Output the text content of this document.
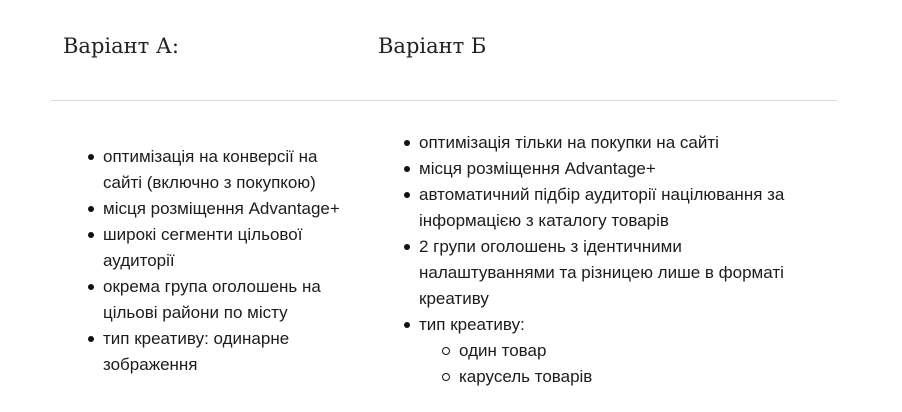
Варіант А:	Варіант Б
оптимізація на конверсії на сайті (включно з покупкою)
місця розміщення Advantage+
широкі сегменти цільової аудиторії
окрема група оголошень на цільові райони по місту
тип креативу: одинарне зображення
оптимізація тільки на покупки на сайті
місця розміщення Advantage+
автоматичний підбір аудиторії націлювання за інформацією з каталогу товарів
2 групи оголошень з ідентичними налаштуваннями та різницею лише в форматі креативу
тип креативу:
один товар
карусель товарів
